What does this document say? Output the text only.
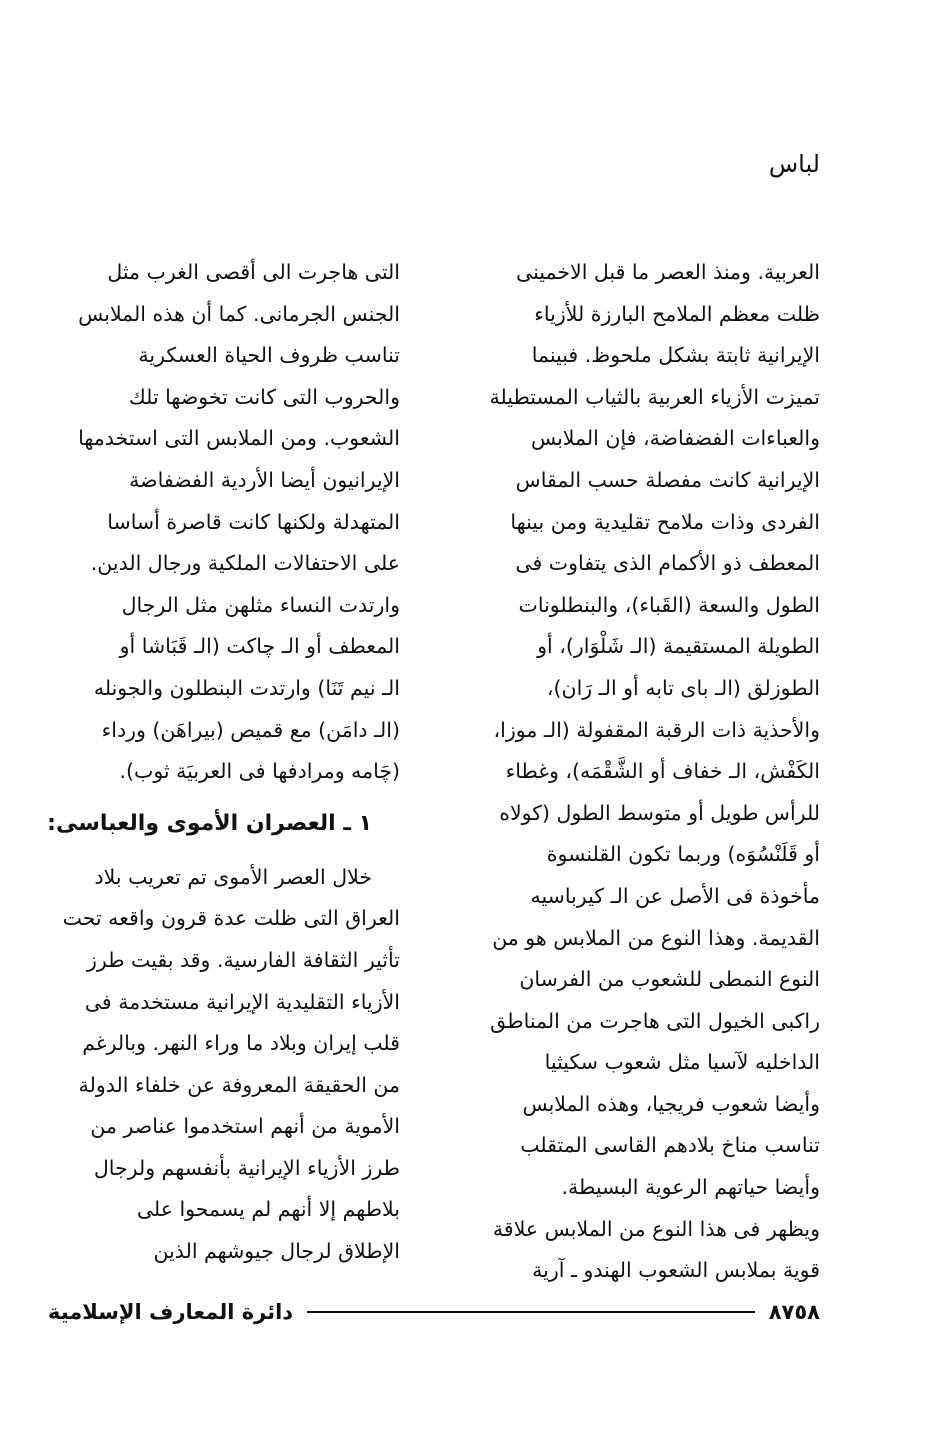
لباس
العربية. ومنذ العصر ما قبل الاخمينى
ظلت معظم الملامح البارزة للأزياء
الإيرانية ثابتة بشكل ملحوظ. فبينما
تميزت الأزياء العربية بالثياب المستطيلة
والعباءات الفضفاضة، فإن الملابس
الإيرانية كانت مفصلة حسب المقاس
الفردى وذات ملامح تقليدية ومن بينها
المعطف ذو الأكمام الذى يتفاوت فى
الطول والسعة (القَباء)، والبنطلونات
الطويلة المستقيمة (الـ شَلْوَار)، أو
الطوزلق (الـ باى تابه أو الـ رَان)،
والأحذية ذات الرقبة المقفولة (الـ موزا،
الكَفْش، الـ خفاف أو الشَّقْمَه)، وغطاء
للرأس طويل أو متوسط الطول (كولاه
أو قَلَنْسُوَه) وربما تكون القلنسوة
مأخوذة فى الأصل عن الـ كيرباسيه
القديمة. وهذا النوع من الملابس هو من
النوع النمطى للشعوب من الفرسان
راكبى الخيول التى هاجرت من المناطق
الداخليه لآسيا مثل شعوب سكيثيا
وأيضا شعوب فريجيا، وهذه الملابس
تناسب مناخ بلادهم القاسى المتقلب
وأيضا حياتهم الرعوية البسيطة.
ويظهر فى هذا النوع من الملابس علاقة
قوية بملابس الشعوب الهندو ـ آرية
التى هاجرت الى أقصى الغرب مثل
الجنس الجرمانى. كما أن هذه الملابس
تناسب ظروف الحياة العسكرية
والحروب التى كانت تخوضها تلك
الشعوب. ومن الملابس التى استخدمها
الإيرانيون أيضا الأردية الفضفاضة
المتهدلة ولكنها كانت قاصرة أساسا
على الاحتفالات الملكية ورجال الدين.
وارتدت النساء مثلهن مثل الرجال
المعطف أو الـ چاكت (الـ قَبَاشا أو
الـ نيم تَنَا) وارتدت البنطلون والجونله
(الـ دامَن) مع قميص (بيراهَن) ورداء
(چَامه ومرادفها فى العربيَة ثوب).
١ ـ العصران الأموى والعباسى:
خلال العصر الأموى تم تعريب بلاد
العراق التى ظلت عدة قرون واقعه تحت
تأثير الثقافة الفارسية. وقد بقيت طرز
الأزياء التقليدية الإيرانية مستخدمة فى
قلب إيران وبلاد ما وراء النهر. وبالرغم
من الحقيقة المعروفة عن خلفاء الدولة
الأموية من أنهم استخدموا عناصر من
طرز الأزياء الإيرانية بأنفسهم ولرجال
بلاطهم إلا أنهم لم يسمحوا على
الإطلاق لرجال جيوشهم الذين
٨٧٥٨
دائرة المعارف الإسلامية
